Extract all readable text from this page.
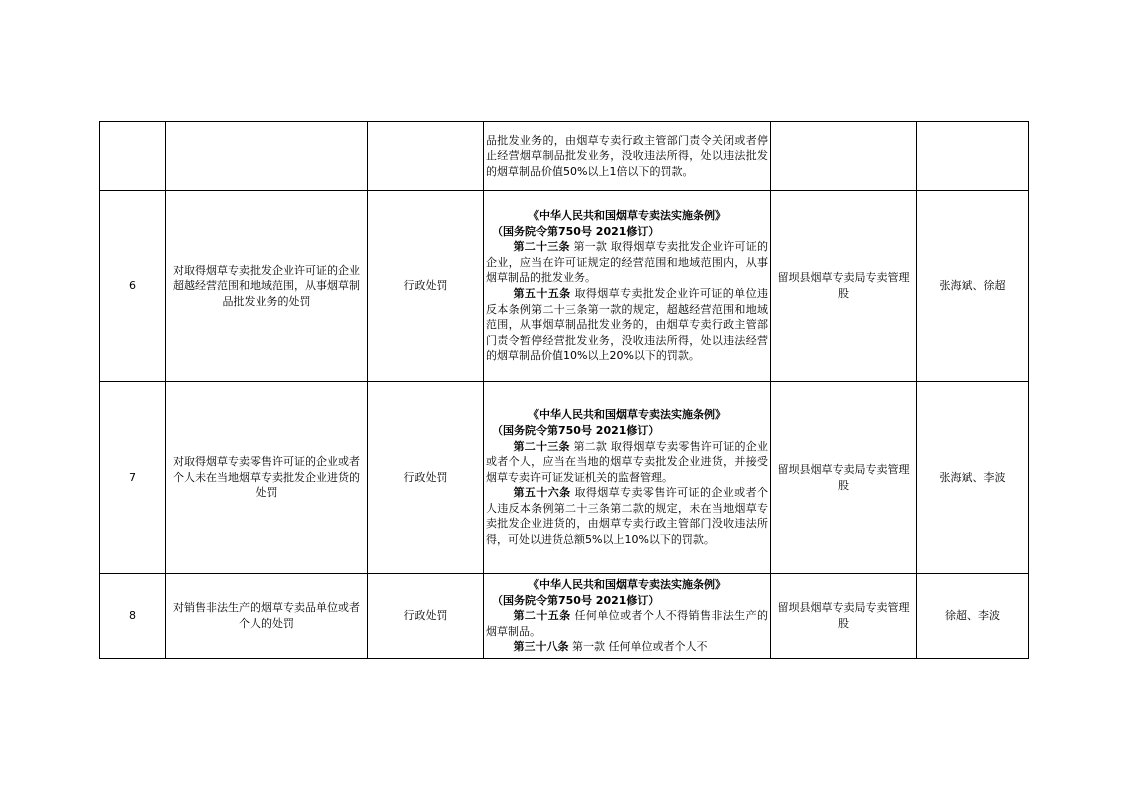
			品批发业务的，由烟草专卖行政主管部门责令关闭或者停止经营烟草制品批发业务，没收违法所得，处以违法批发的烟草制品价值50%以上1倍以下的罚款。		

6	对取得烟草专卖批发企业许可证的企业超越经营范围和地域范围，从事烟草制品批发业务的处罚	行政处罚	《中华人民共和国烟草专卖法实施条例》
（国务院令第750号 2021修订）
第二十三条 第一款 取得烟草专卖批发企业许可证的企业，应当在许可证规定的经营范围和地域范围内，从事烟草制品的批发业务。
第五十五条 取得烟草专卖批发企业许可证的单位违反本条例第二十三条第一款的规定，超越经营范围和地域范围，从事烟草制品批发业务的，由烟草专卖行政主管部门责令暂停经营批发业务，没收违法所得，处以违法经营的烟草制品价值10%以上20%以下的罚款。	留坝县烟草专卖局专卖管理股	张海斌、徐超
7	对取得烟草专卖零售许可证的企业或者个人未在当地烟草专卖批发企业进货的处罚	行政处罚	《中华人民共和国烟草专卖法实施条例》
（国务院令第750号 2021修订）
第二十三条 第二款 取得烟草专卖零售许可证的企业或者个人，应当在当地的烟草专卖批发企业进货，并接受烟草专卖许可证发证机关的监督管理。
第五十六条 取得烟草专卖零售许可证的企业或者个人违反本条例第二十三条第二款的规定，未在当地烟草专卖批发企业进货的，由烟草专卖行政主管部门没收违法所得，可处以进货总额5%以上10%以下的罚款。	留坝县烟草专卖局专卖管理股	张海斌、李波
8	对销售非法生产的烟草专卖品单位或者个人的处罚	行政处罚	《中华人民共和国烟草专卖法实施条例》
（国务院令第750号 2021修订）
第二十五条 任何单位或者个人不得销售非法生产的烟草制品。
第三十八条 第一款 任何单位或者个人不	留坝县烟草专卖局专卖管理股	徐超、李波
